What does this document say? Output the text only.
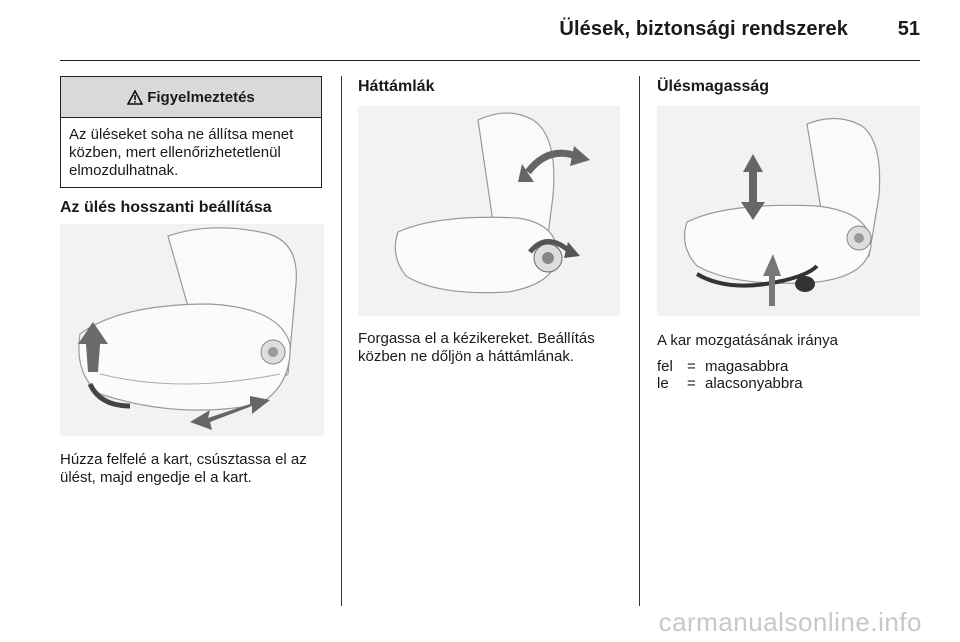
Ülések, biztonsági rendszerek 51
Figyelmeztetés
Az üléseket soha ne állítsa menet közben, mert ellenőrizhetetlenül elmozdulhatnak.
Az ülés hosszanti beállítása
Húzza felfelé a kart, csúsztassa el az
ülést, majd engedje el a kart.
Háttámlák
Forgassa el a kézikereket. Beállítás
közben ne dőljön a háttámlának.
Ülésmagasság
A kar mozgatásának iránya
fel = magasabbra
le = alacsonyabbra
carmanualsonline.info
